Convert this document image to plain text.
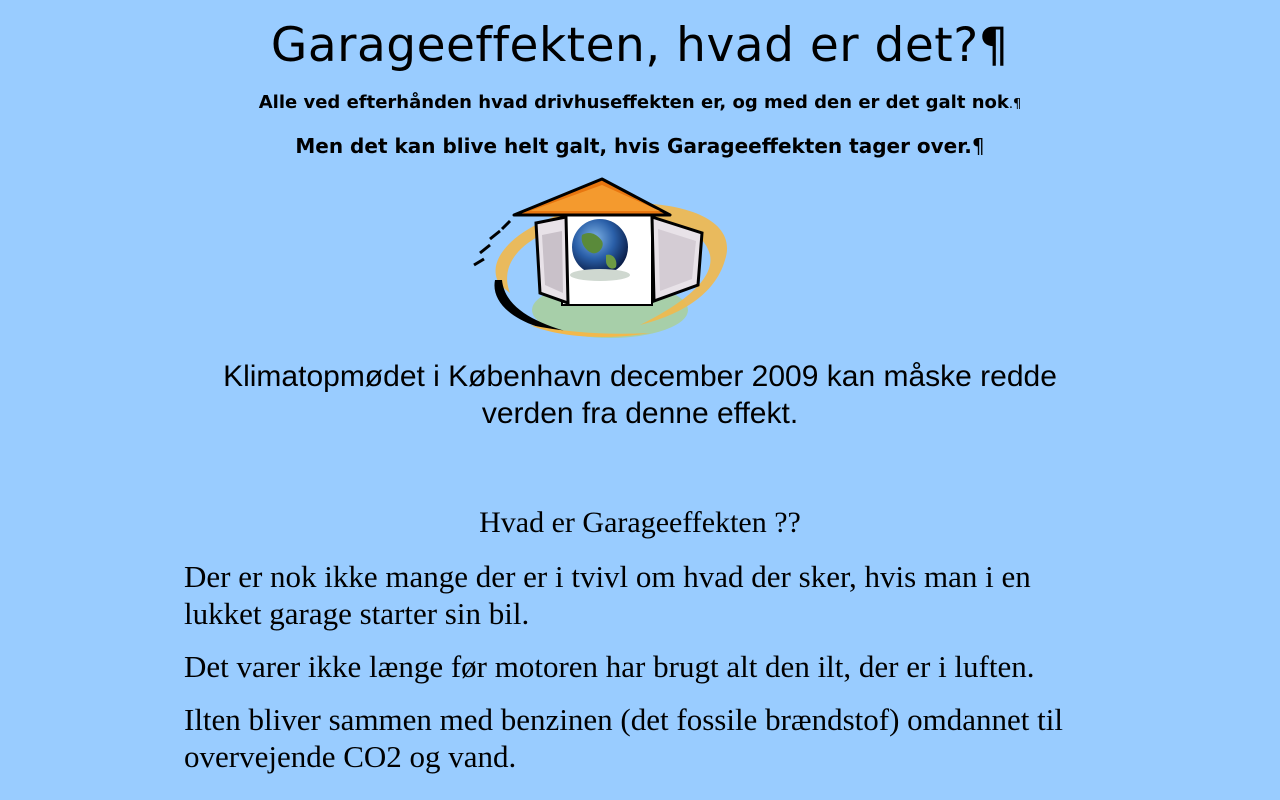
Garageeffekten, hvad er det?¶
Alle ved efterhånden hvad drivhuseffekten er, og med den er det galt nok.¶
Men det kan blive helt galt, hvis Garageeffekten tager over.¶
Klimatopmødet i København december 2009 kan måske redde verden fra denne effekt.
Hvad er Garageeffekten ??

Der er nok ikke mange der er i tvivl om hvad der sker, hvis man i en lukket garage starter sin bil.

Det varer ikke længe før motoren har brugt alt den ilt, der er i luften.

Ilten bliver sammen med benzinen (det fossile brændstof) omdannet til overvejende CO2 og vand.
